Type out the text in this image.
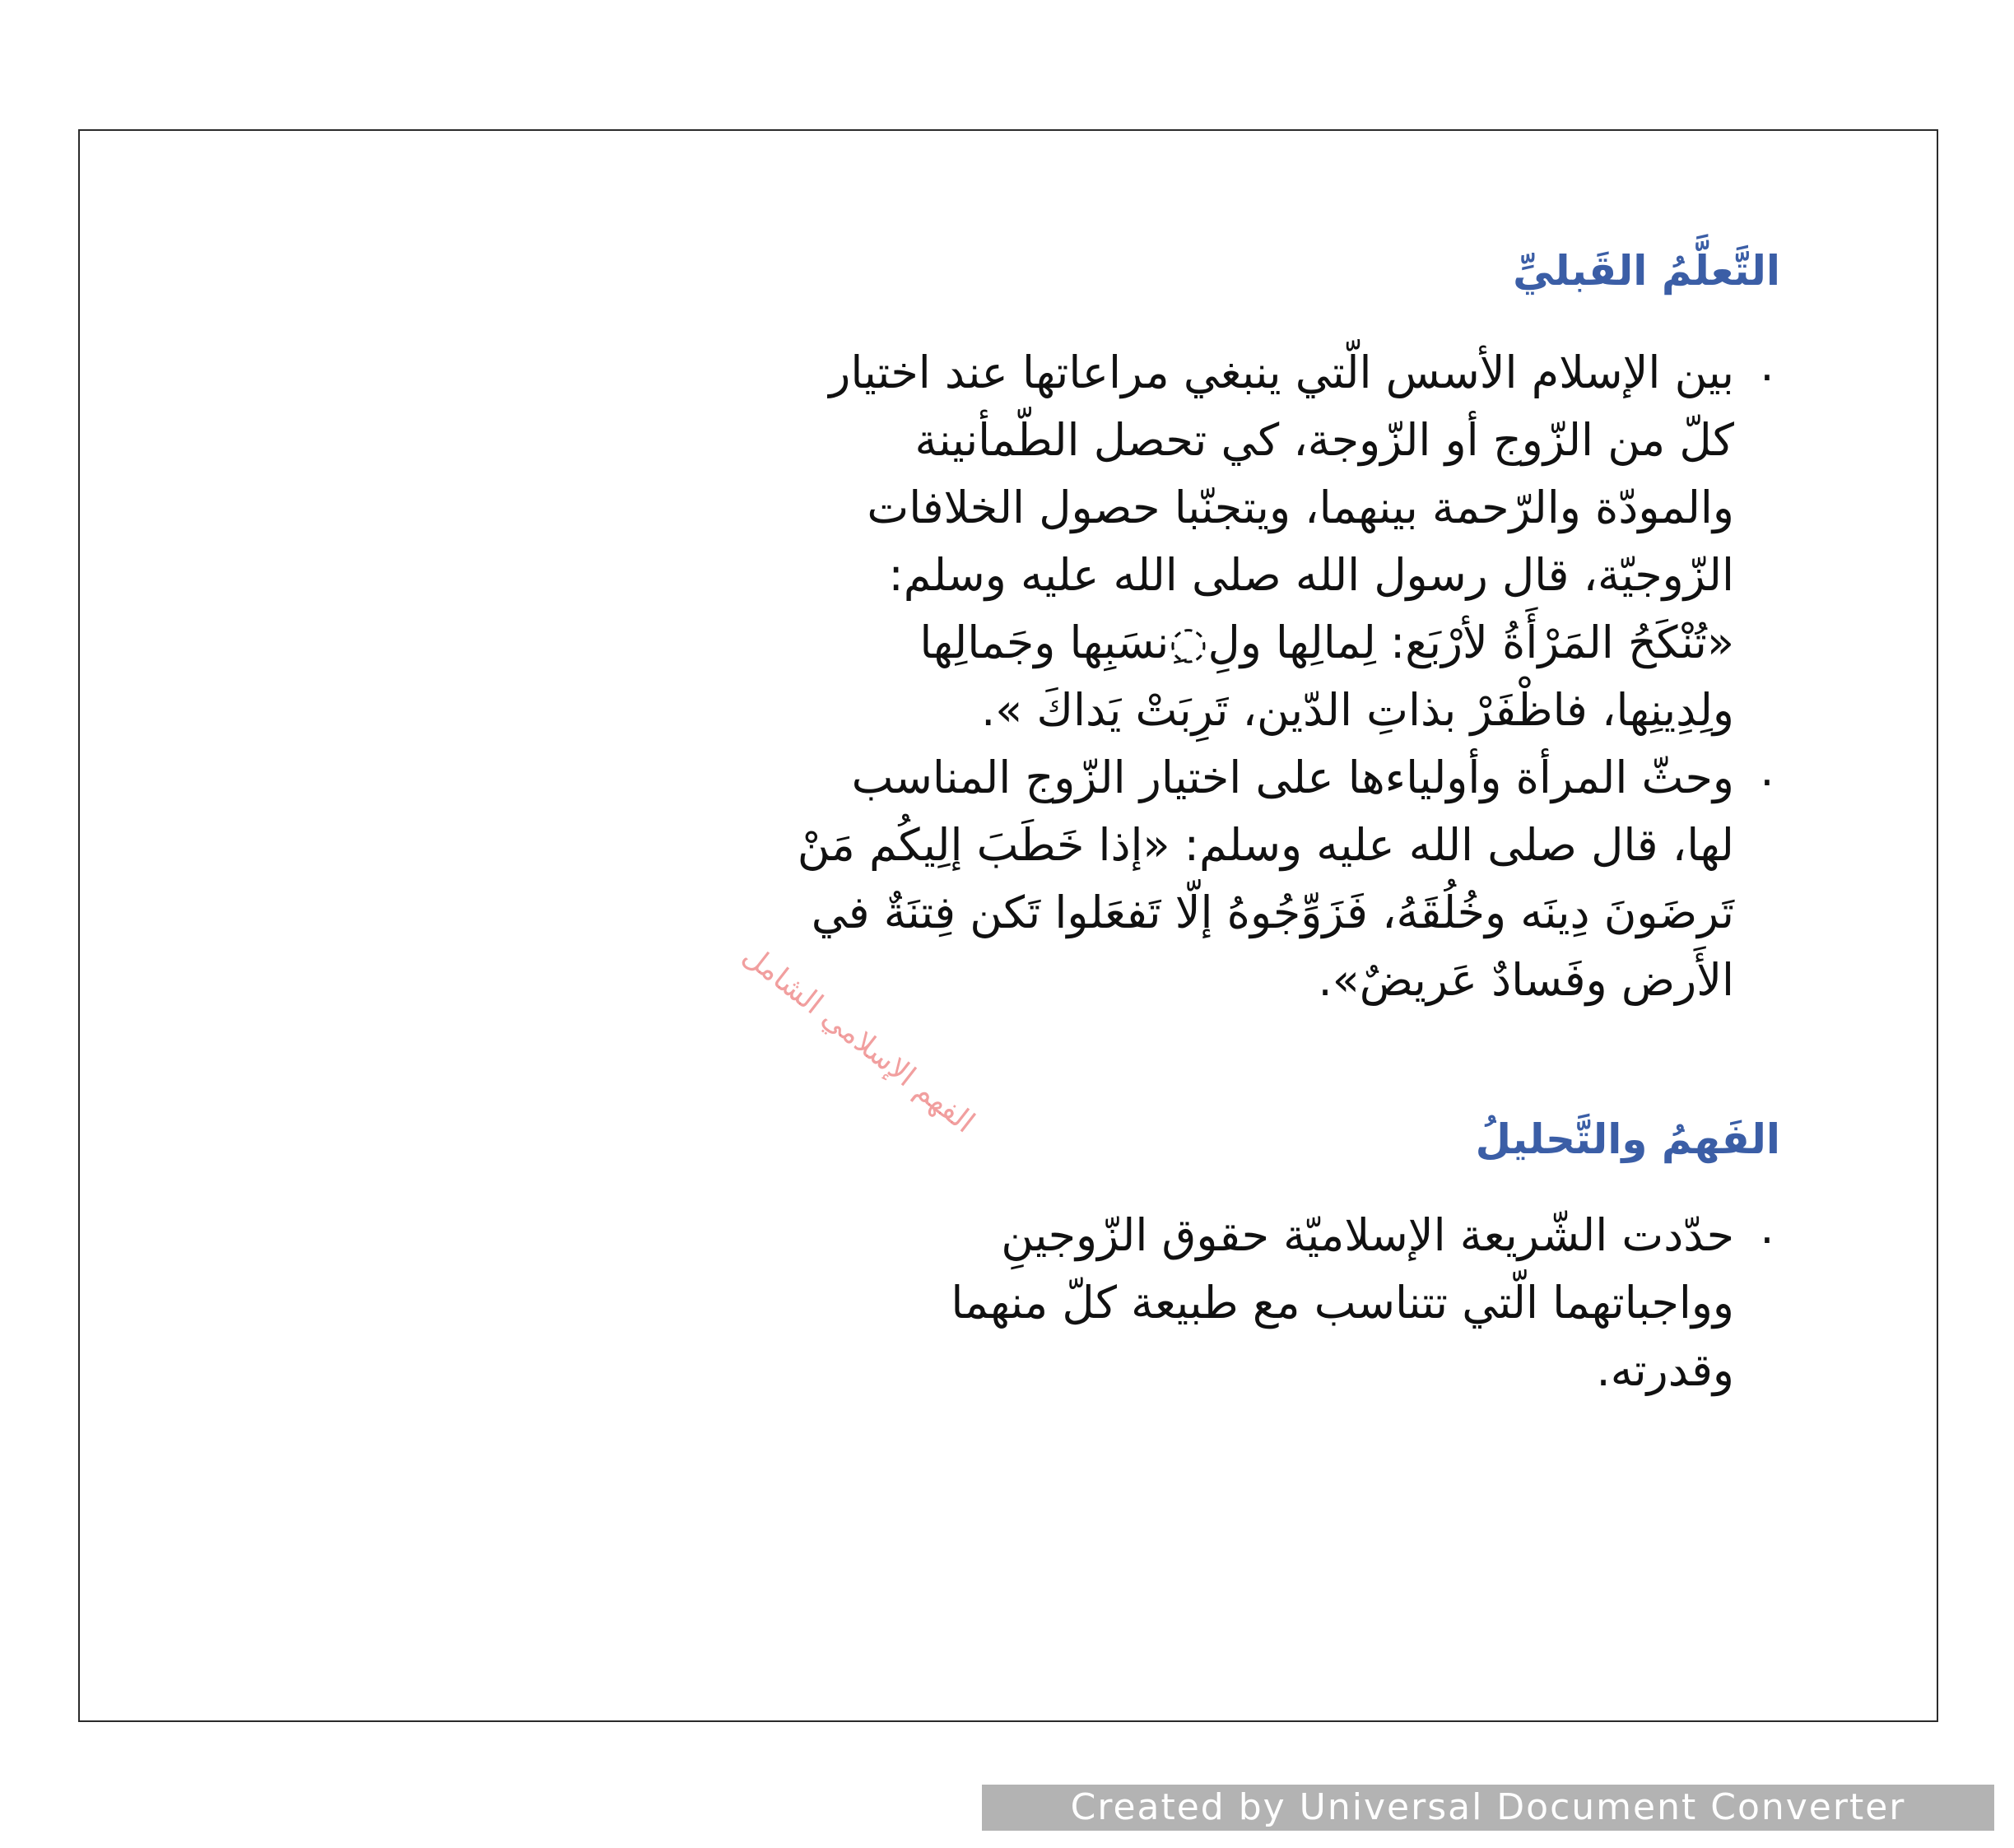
التَّعلَّمُ القَبليِّ
.
بين الإسلام الأسس الّتي ينبغي مراعاتها عند اختيار
كلّ من الزّوج أو الزّوجة، كي تحصل الطّمأنينة
والمودّة والرّحمة بينهما، ويتجنّبا حصول الخلافات
الزّوجيّة، قال رسول الله صلى الله عليه وسلم:
«تُنْكَحُ المَرْأَةُ لأرْبَع: لِمالِها ولِ◌ِنسَبِها وجَمالِها
ولِدِينِها، فاظْفَرْ بذاتِ الدّين، تَرِبَتْ يَداكَ ».
.
وحثّ المرأة وأولياءها على اختيار الزّوج المناسب
لها، قال صلى الله عليه وسلم: «إذا خَطَبَ إلِيكُم مَنْ
تَرضَونَ دِينَه وخُلُقَهُ، فَزَوِّجُوهُ إلّا تَفعَلوا تَكن فِتنَةٌ في
الأَرض وفَسادٌ عَريضٌ».
الفهم الإسلامي الشامل	الفَهمُ والتَّحليلُ
.
حدّدت الشّريعة الإسلاميّة حقوق الزّوجينِ
وواجباتهما الّتي تتناسب مع طبيعة كلّ منهما
وقدرته.
Created by Universal Document Converter
